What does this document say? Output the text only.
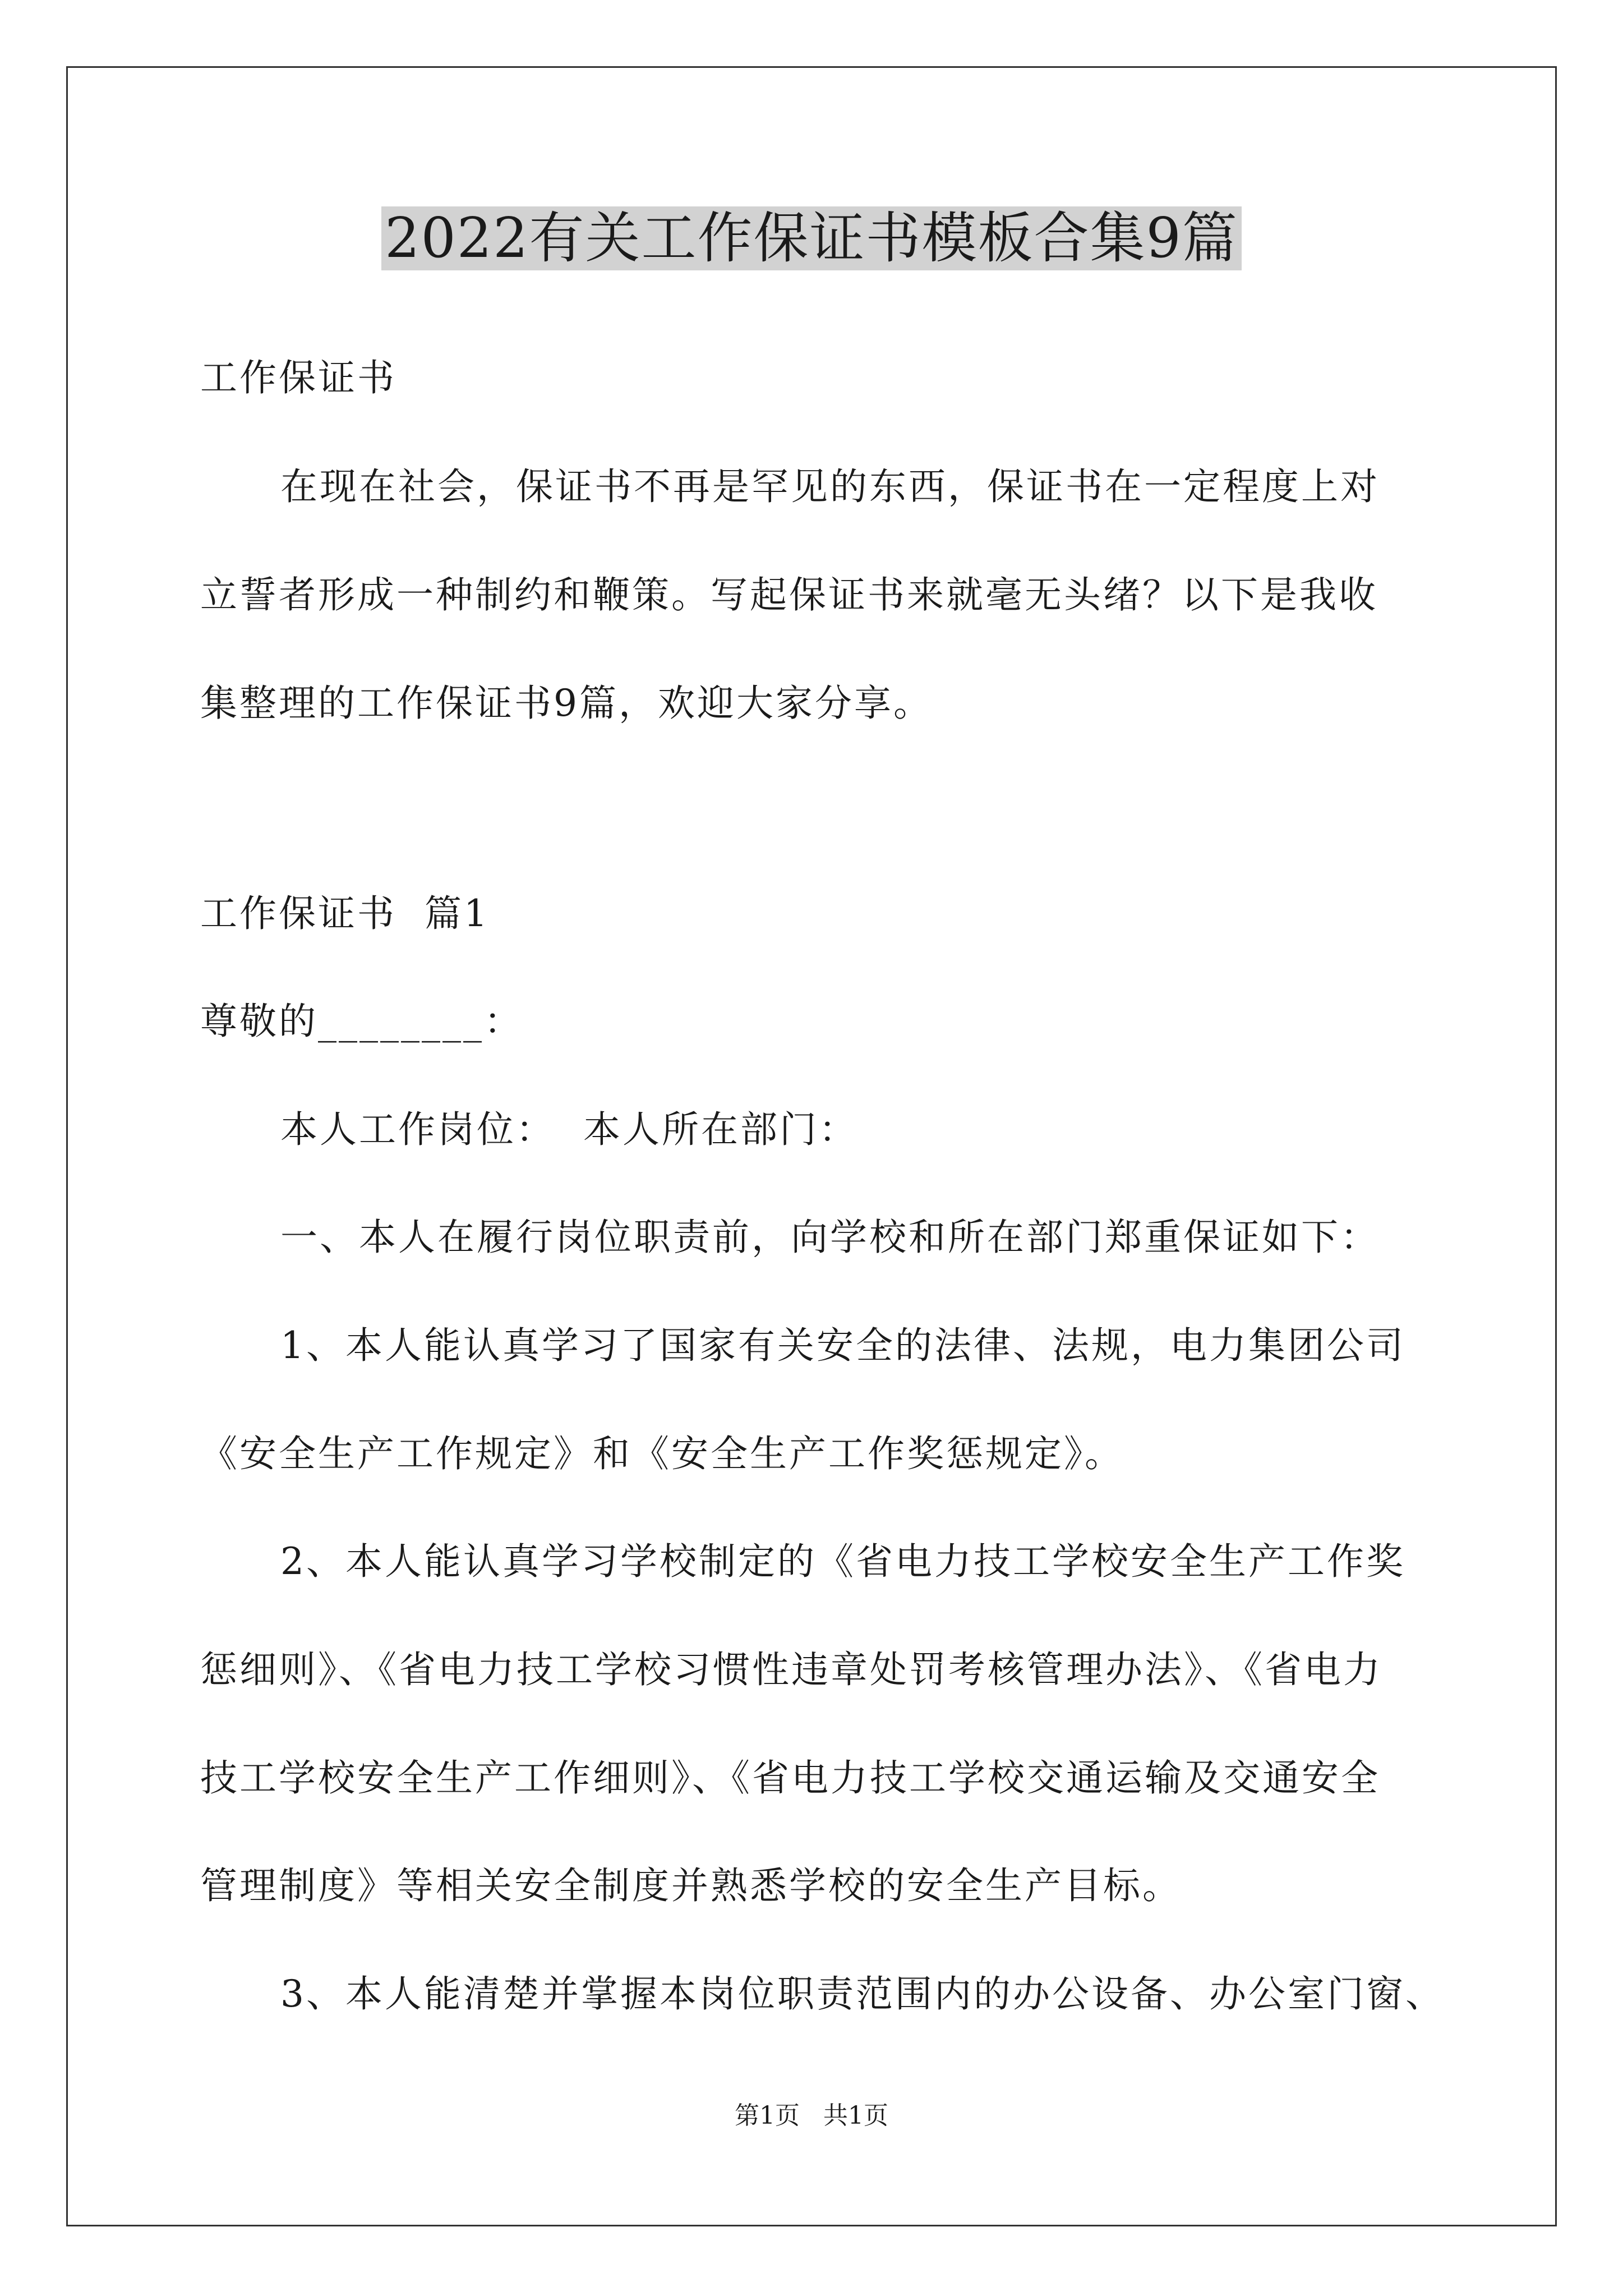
2022有关工作保证书模板合集9篇
工作保证书
在现在社会，保证书不再是罕见的东西，保证书在一定程度上对
立誓者形成一种制约和鞭策。写起保证书来就毫无头绪？以下是我收
集整理的工作保证书9篇，欢迎大家分享。
工作保证书  篇1
尊敬的________：
本人工作岗位：  本人所在部门：
一、本人在履行岗位职责前，向学校和所在部门郑重保证如下：
1、本人能认真学习了国家有关安全的法律、法规，电力集团公司
《安全生产工作规定》和《安全生产工作奖惩规定》。
2、本人能认真学习学校制定的《省电力技工学校安全生产工作奖
惩细则》、《省电力技工学校习惯性违章处罚考核管理办法》、《省电力
技工学校安全生产工作细则》、《省电力技工学校交通运输及交通安全
管理制度》等相关安全制度并熟悉学校的安全生产目标。
3、本人能清楚并掌握本岗位职责范围内的办公设备、办公室门窗、
第1页   共1页
